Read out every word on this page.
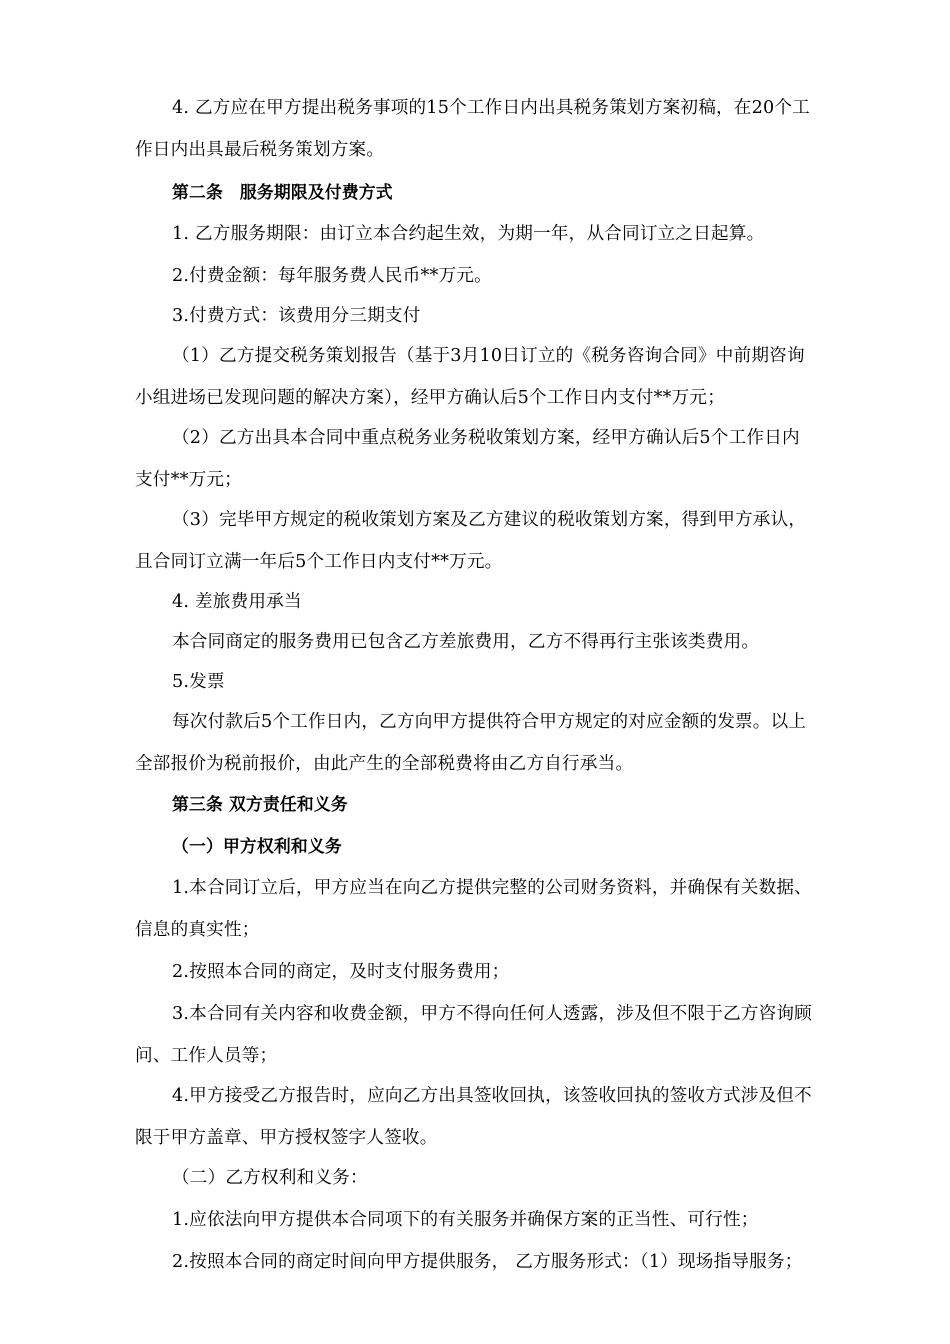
4. 乙方应在甲方提出税务事项的15个工作日内出具税务策划方案初稿，在20个工
作日内出具最后税务策划方案。
第二条　服务期限及付费方式
1. 乙方服务期限：由订立本合约起生效，为期一年，从合同订立之日起算。
2.付费金额：每年服务费人民币**万元。
3.付费方式：该费用分三期支付
（1）乙方提交税务策划报告（基于3月10日订立的《税务咨询合同》中前期咨询
小组进场已发现问题的解决方案），经甲方确认后5个工作日内支付**万元；
（2）乙方出具本合同中重点税务业务税收策划方案，经甲方确认后5个工作日内
支付**万元；
（3）完毕甲方规定的税收策划方案及乙方建议的税收策划方案，得到甲方承认，
且合同订立满一年后5个工作日内支付**万元。
4. 差旅费用承当
本合同商定的服务费用已包含乙方差旅费用，乙方不得再行主张该类费用。
5.发票
每次付款后5个工作日内，乙方向甲方提供符合甲方规定的对应金额的发票。以上
全部报价为税前报价，由此产生的全部税费将由乙方自行承当。
第三条 双方责任和义务
（一）甲方权利和义务
1.本合同订立后，甲方应当在向乙方提供完整的公司财务资料，并确保有关数据、
信息的真实性；
2.按照本合同的商定，及时支付服务费用；
3.本合同有关内容和收费金额，甲方不得向任何人透露，涉及但不限于乙方咨询顾
问、工作人员等；
4.甲方接受乙方报告时，应向乙方出具签收回执，该签收回执的签收方式涉及但不
限于甲方盖章、甲方授权签字人签收。
（二）乙方权利和义务：
1.应依法向甲方提供本合同项下的有关服务并确保方案的正当性、可行性；
2.按照本合同的商定时间向甲方提供服务， 乙方服务形式：（1）现场指导服务；
